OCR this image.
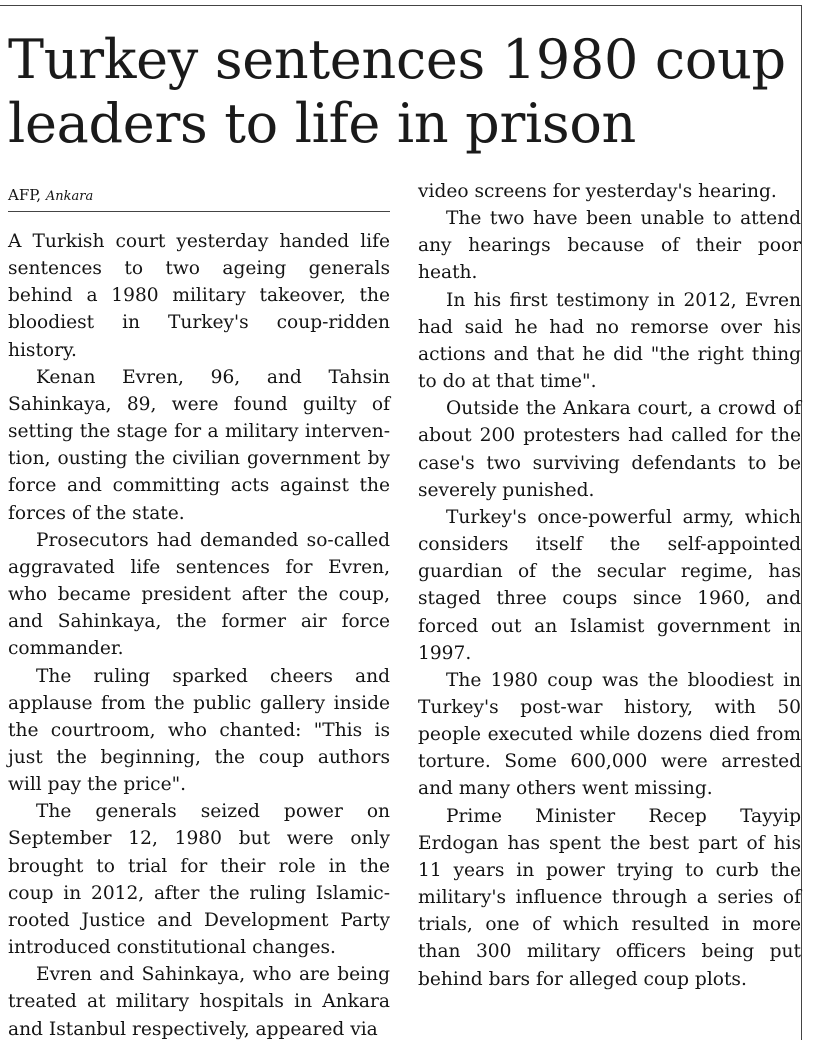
Turkey sentences 1980 coup leaders to life in prison
AFP, Ankara

A Turkish court yesterday handed life sentences to two ageing generals behind a 1980 military takeover, the bloodiest in Turkey's coup-ridden history.

Kenan Evren, 96, and Tahsin Sahinkaya, 89, were found guilty of setting the stage for a military intervention, ousting the civilian government by force and committing acts against the forces of the state.

Prosecutors had demanded so-called aggravated life sentences for Evren, who became president after the coup, and Sahinkaya, the former air force commander.

The ruling sparked cheers and applause from the public gallery inside the courtroom, who chanted: "This is just the beginning, the coup authors will pay the price".

The generals seized power on September 12, 1980 but were only brought to trial for their role in the coup in 2012, after the ruling Islamic-rooted Justice and Development Party introduced constitutional changes.

Evren and Sahinkaya, who are being treated at military hospitals in Ankara and Istanbul respectively, appeared via

video screens for yesterday's hearing.

The two have been unable to attend any hearings because of their poor heath.

In his first testimony in 2012, Evren had said he had no remorse over his actions and that he did "the right thing to do at that time".

Outside the Ankara court, a crowd of about 200 protesters had called for the case's two surviving defendants to be severely punished.

Turkey's once-powerful army, which considers itself the self-appointed guardian of the secular regime, has staged three coups since 1960, and forced out an Islamist government in 1997.

The 1980 coup was the bloodiest in Turkey's post-war history, with 50 people executed while dozens died from torture. Some 600,000 were arrested and many others went missing.

Prime Minister Recep Tayyip Erdogan has spent the best part of his 11 years in power trying to curb the military's influence through a series of trials, one of which resulted in more than 300 military officers being put behind bars for alleged coup plots.
